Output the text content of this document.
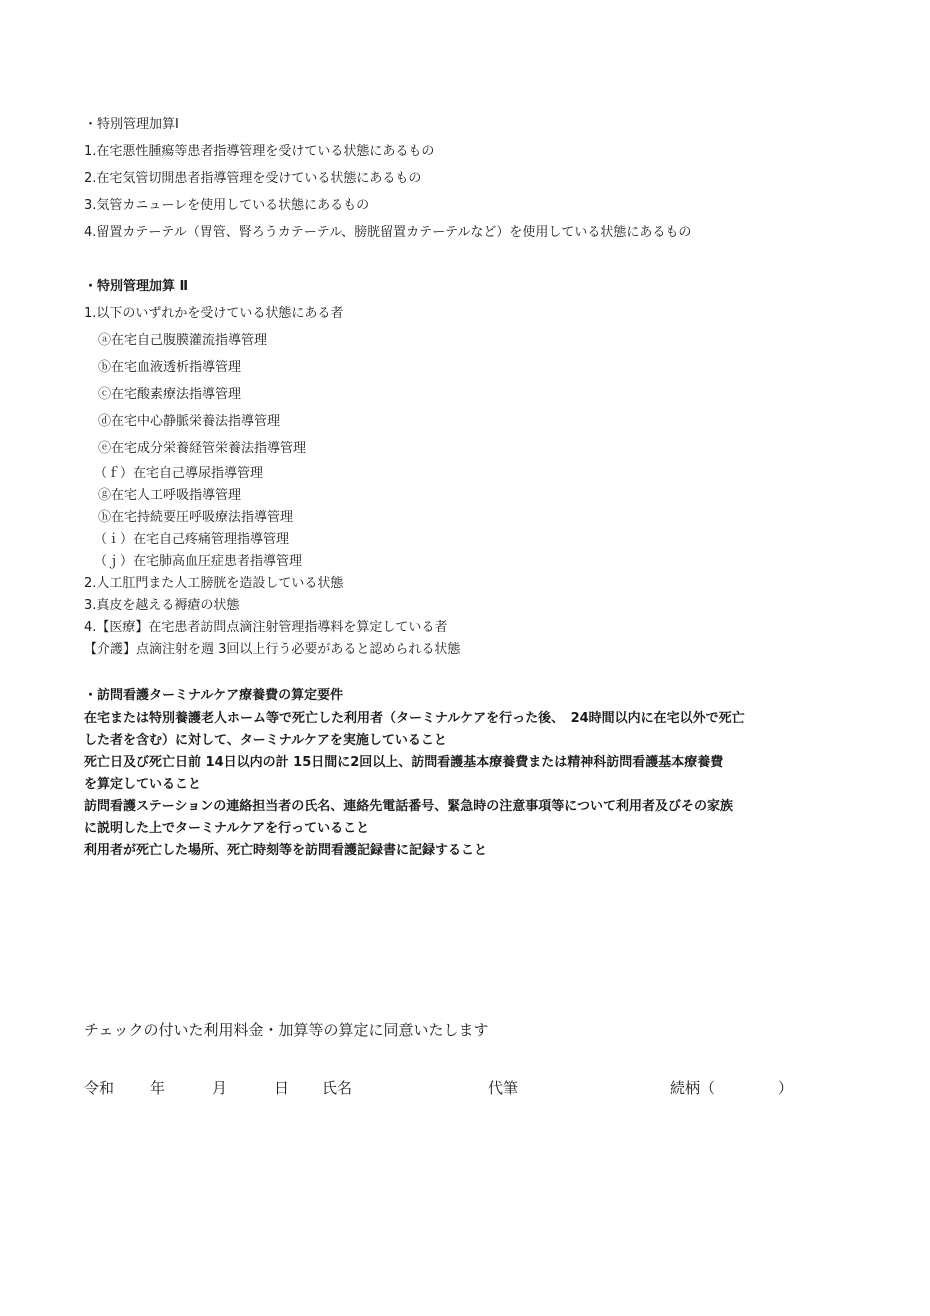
・特別管理加算Ⅰ
1.在宅悪性腫瘍等患者指導管理を受けている状態にあるもの
2.在宅気管切開患者指導管理を受けている状態にあるもの
3.気管カニューレを使用している状態にあるもの
4.留置カテーテル（胃管、腎ろうカテーテル、膀胱留置カテーテルなど）を使用している状態にあるもの
・特別管理加算 Ⅱ
1.以下のいずれかを受けている状態にある者
ⓐ在宅自己腹膜灌流指導管理
ⓑ在宅血液透析指導管理
ⓒ在宅酸素療法指導管理
ⓓ在宅中心静脈栄養法指導管理
ⓔ在宅成分栄養経管栄養法指導管理
（ｆ）在宅自己導尿指導管理
ⓖ在宅人工呼吸指導管理
ⓗ在宅持続要圧呼吸療法指導管理
（ｉ）在宅自己疼痛管理指導管理
（ｊ）在宅肺高血圧症患者指導管理
2.人工肛門また人工膀胱を造設している状態
3.真皮を越える褥瘡の状態
4.【医療】在宅患者訪問点滴注射管理指導料を算定している者
【介護】点滴注射を週 3回以上行う必要があると認められる状態
・訪問看護ターミナルケア療養費の算定要件
在宅または特別養護老人ホーム等で死亡した利用者（ターミナルケアを行った後、　24時間以内に在宅以外で死亡
した者を含む）に対して、ターミナルケアを実施していること
死亡日及び死亡日前 14日以内の計 15日間に2回以上、訪問看護基本療養費または精神科訪問看護基本療養費
を算定していること
訪問看護ステーションの連絡担当者の氏名、連絡先電話番号、緊急時の注意事項等について利用者及びその家族
に説明した上でターミナルケアを行っていること
利用者が死亡した場所、死亡時刻等を訪問看護記録書に記録すること
チェックの付いた利用料金・加算等の算定に同意いたします
令和 年	月	日 氏名	代筆	続柄（	）
